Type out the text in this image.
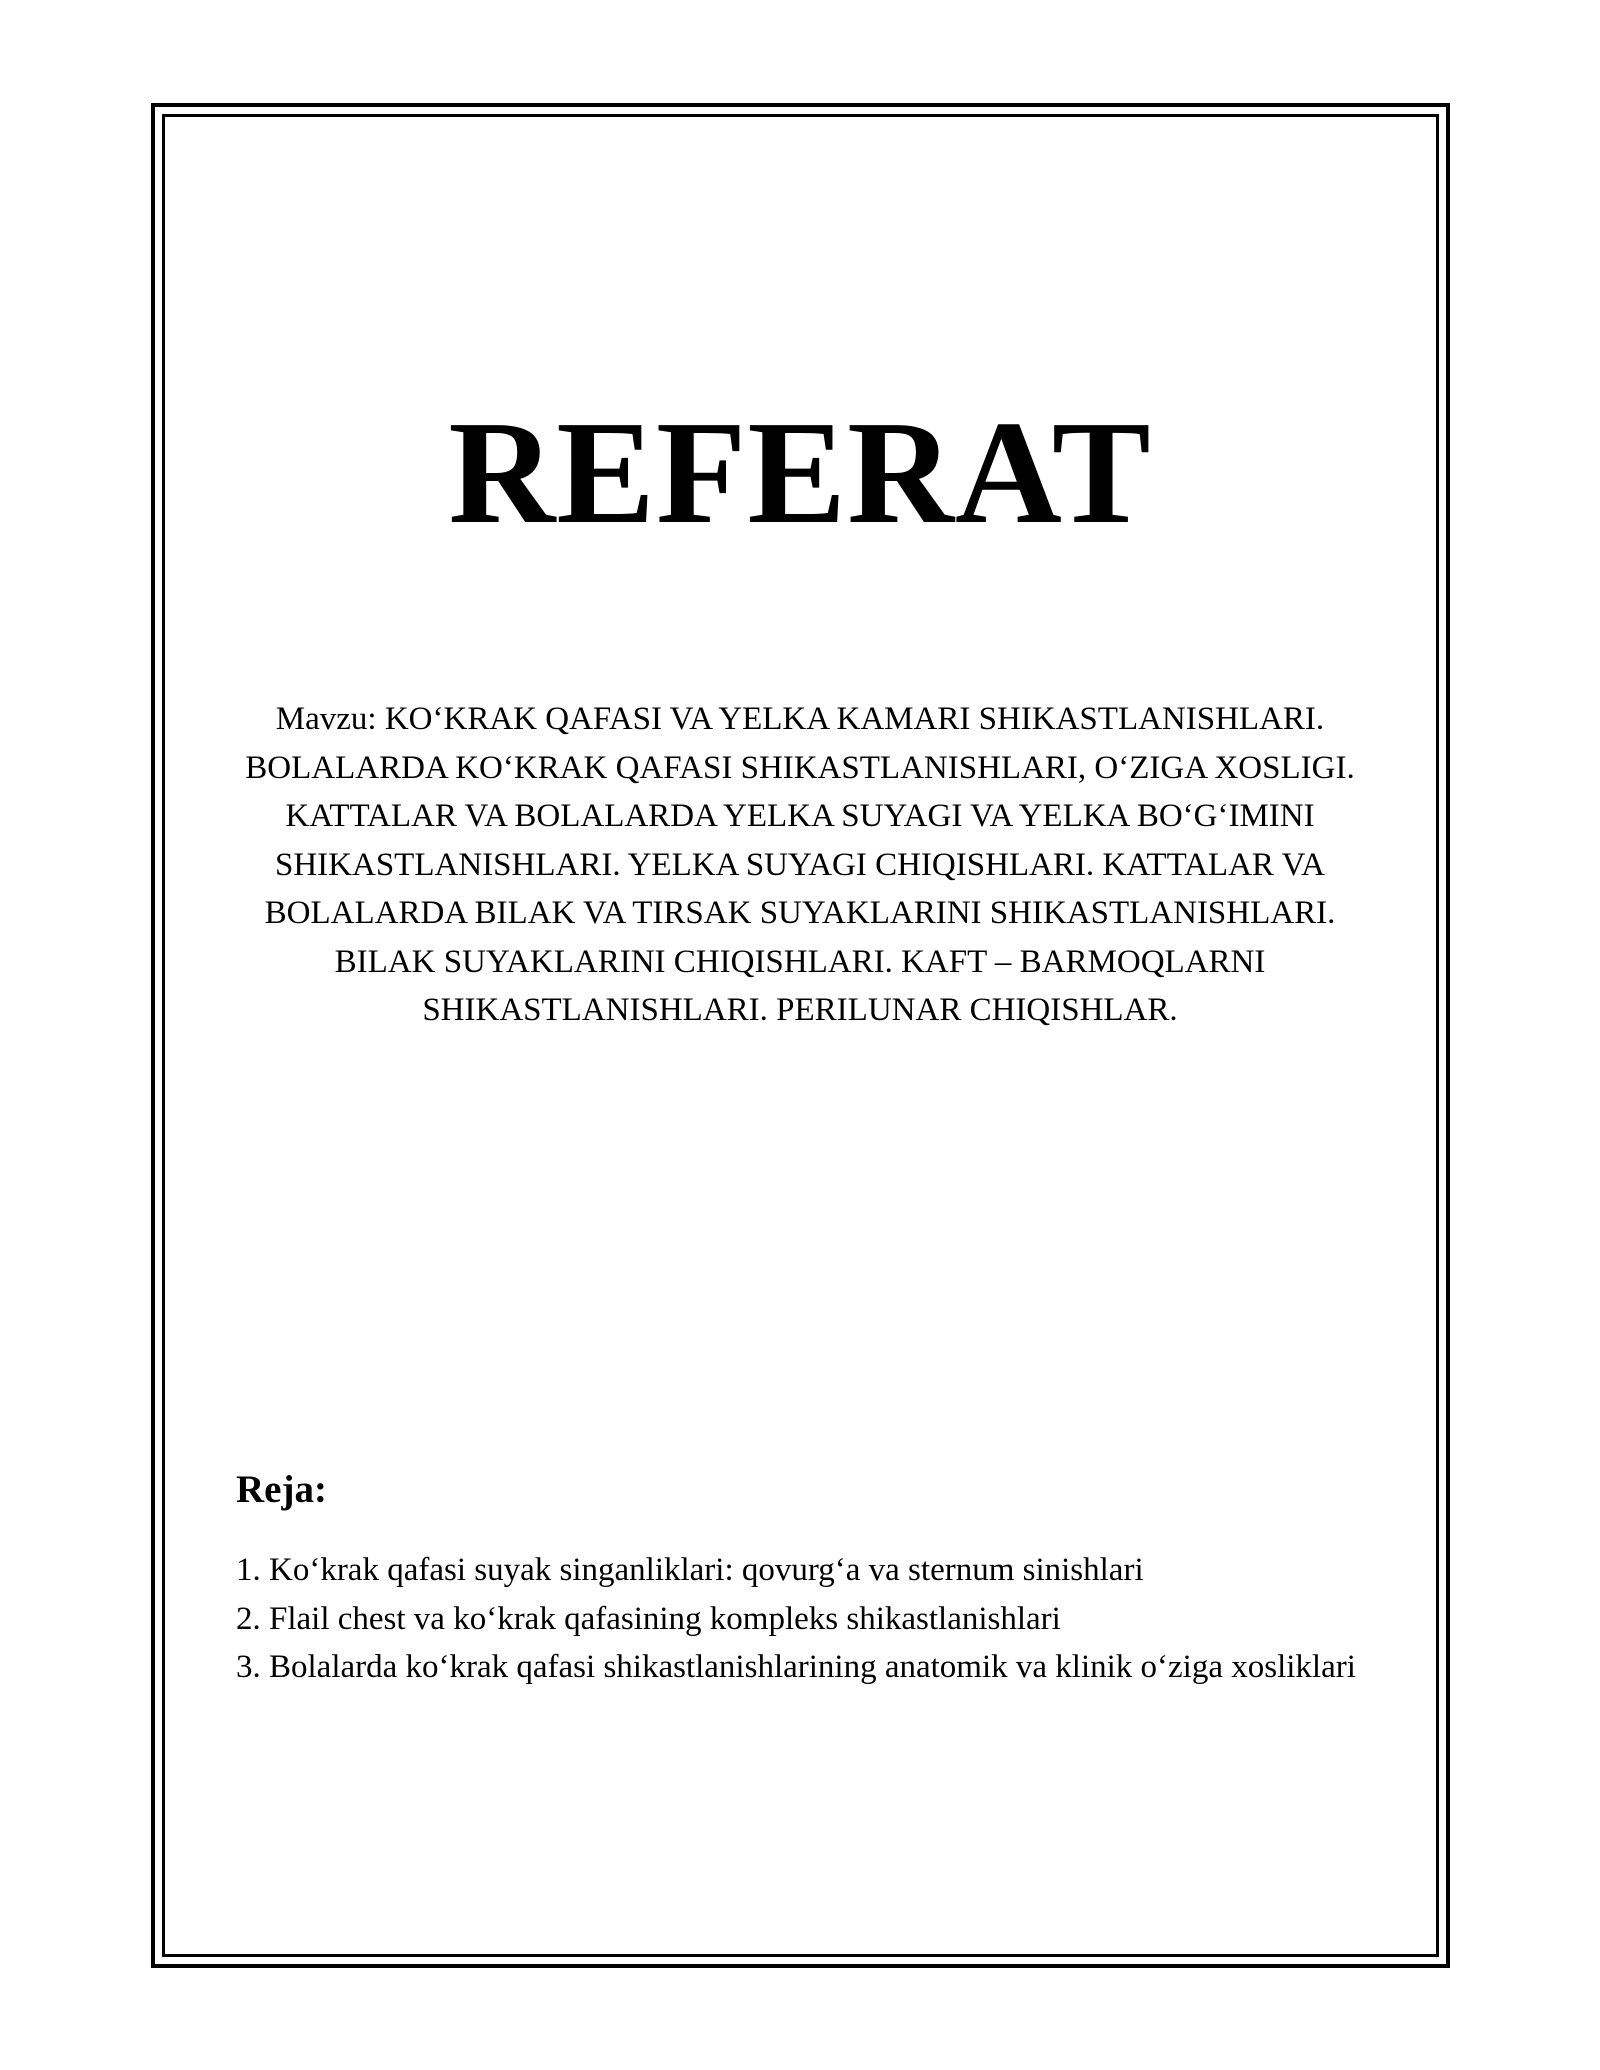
REFERAT

Mavzu: KOʻKRAK QAFASI VA YELKA KAMARI SHIKASTLANISHLARI. BOLALARDA KOʻKRAK QAFASI SHIKASTLANISHLARI, OʻZIGA XOSLIGI. KATTALAR VA BOLALARDA YELKA SUYAGI VA YELKA BOʻGʻIMINI SHIKASTLANISHLARI. YELKA SUYAGI CHIQISHLARI. KATTALAR VA BOLALARDA BILAK VA TIRSAK SUYAKLARINI SHIKASTLANISHLARI. BILAK SUYAKLARINI CHIQISHLARI. KAFT – BARMOQLARNI SHIKASTLANISHLARI. PERILUNAR CHIQISHLAR.

Reja:
1. Koʻkrak qafasi suyak singanliklari: qovurgʻa va sternum sinishlari
2. Flail chest va koʻkrak qafasining kompleks shikastlanishlari
3. Bolalarda koʻkrak qafasi shikastlanishlarining anatomik va klinik oʻziga xosliklari
